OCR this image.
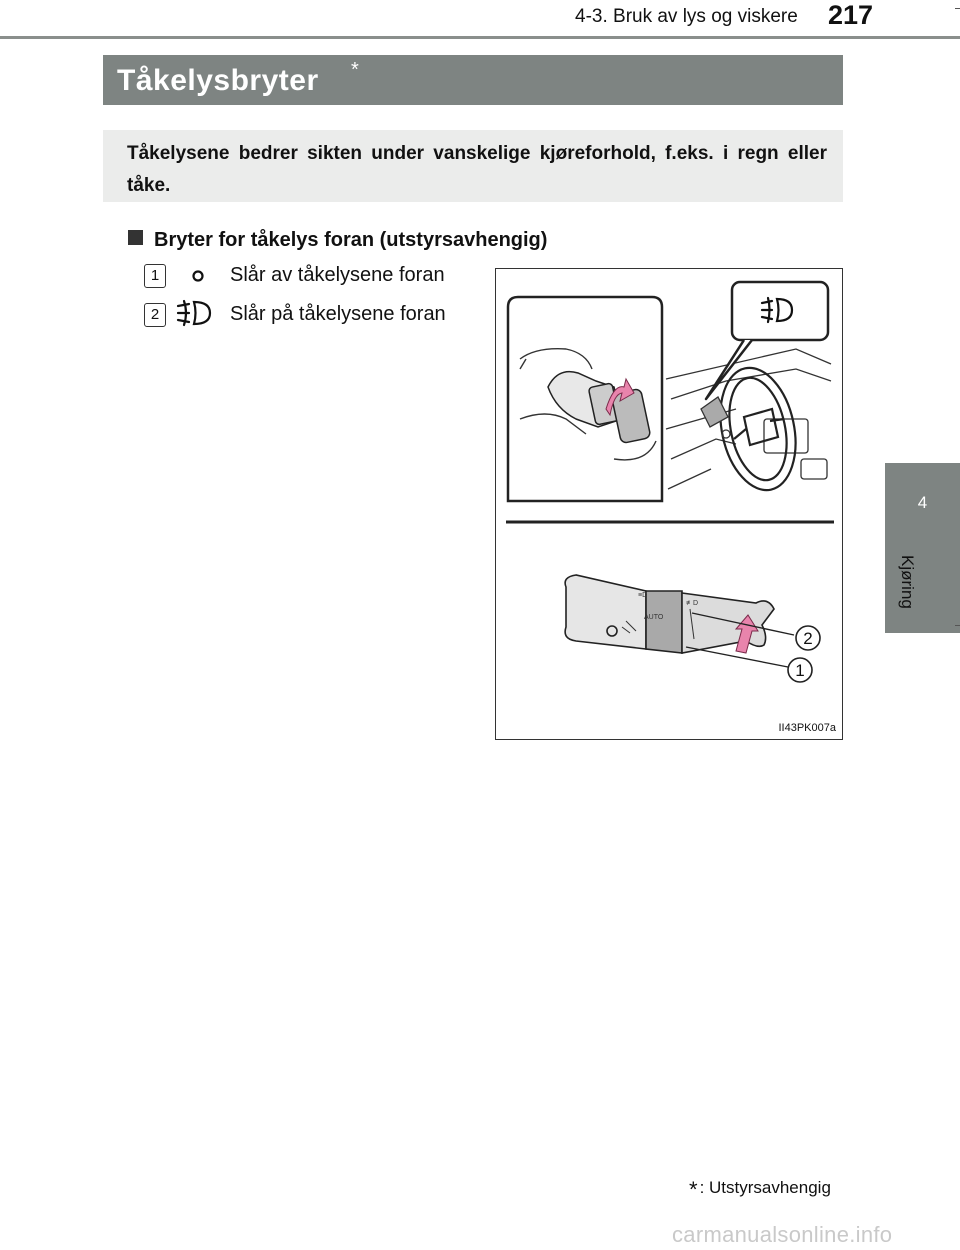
4-3. Bruk av lys og viskere 217
4
Kjøring
Tåkelysbryter *
Tåkelysene bedrer sikten under vanskelige kjøreforhold, f.eks. i regn eller tåke.
Bryter for tåkelys foran (utstyrsavhengig)
1	Slår av tåkelysene foran
2	Slår på tåkelysene foran
≡D
AUTO
≢D
2
1
II43PK007a
* : Utstyrsavhengig
carmanualsonline.info
